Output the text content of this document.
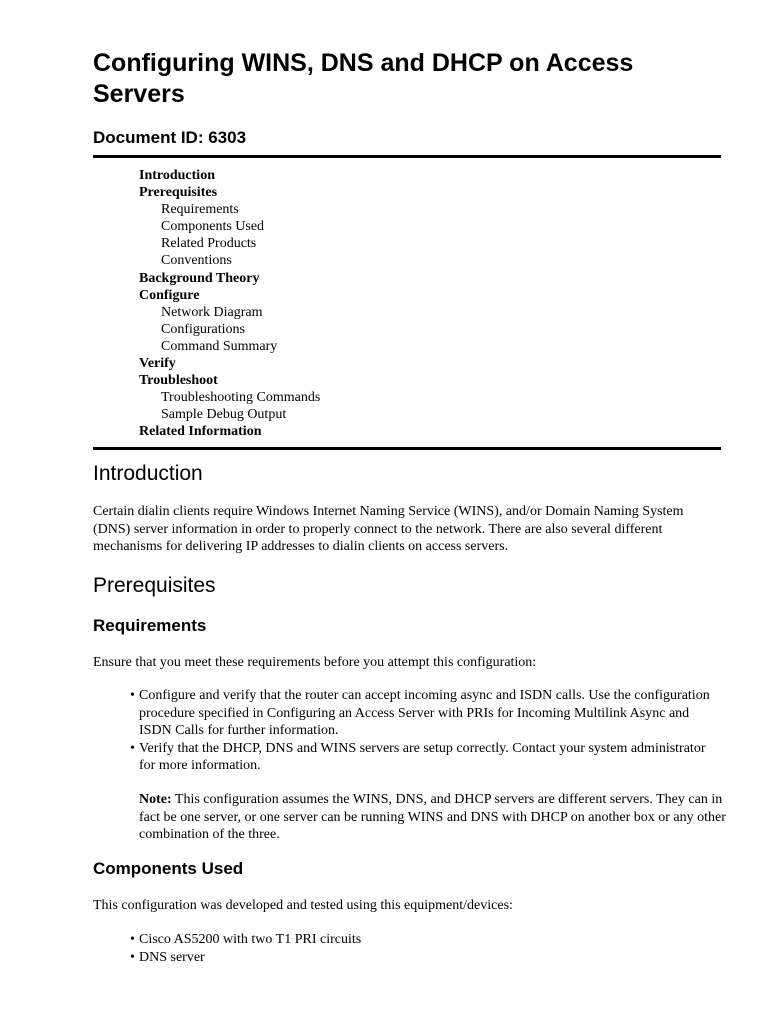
Configuring WINS, DNS and DHCP on Access Servers
Document ID: 6303
Introduction
Prerequisites
Requirements
Components Used
Related Products
Conventions
Background Theory
Configure
Network Diagram
Configurations
Command Summary
Verify
Troubleshoot
Troubleshooting Commands
Sample Debug Output
Related Information
Introduction

Certain dialin clients require Windows Internet Naming Service (WINS), and/or Domain Naming System (DNS) server information in order to properly connect to the network. There are also several different mechanisms for delivering IP addresses to dialin clients on access servers.

Prerequisites
Requirements

Ensure that you meet these requirements before you attempt this configuration:

• Configure and verify that the router can accept incoming async and ISDN calls. Use the configuration procedure specified in Configuring an Access Server with PRIs for Incoming Multilink Async and ISDN Calls for further information.
• Verify that the DHCP, DNS and WINS servers are setup correctly. Contact your system administrator for more information.

Note: This configuration assumes the WINS, DNS, and DHCP servers are different servers. They can in fact be one server, or one server can be running WINS and DNS with DHCP on another box or any other combination of the three.

Components Used

This configuration was developed and tested using this equipment/devices:

• Cisco AS5200 with two T1 PRI circuits
• DNS server
